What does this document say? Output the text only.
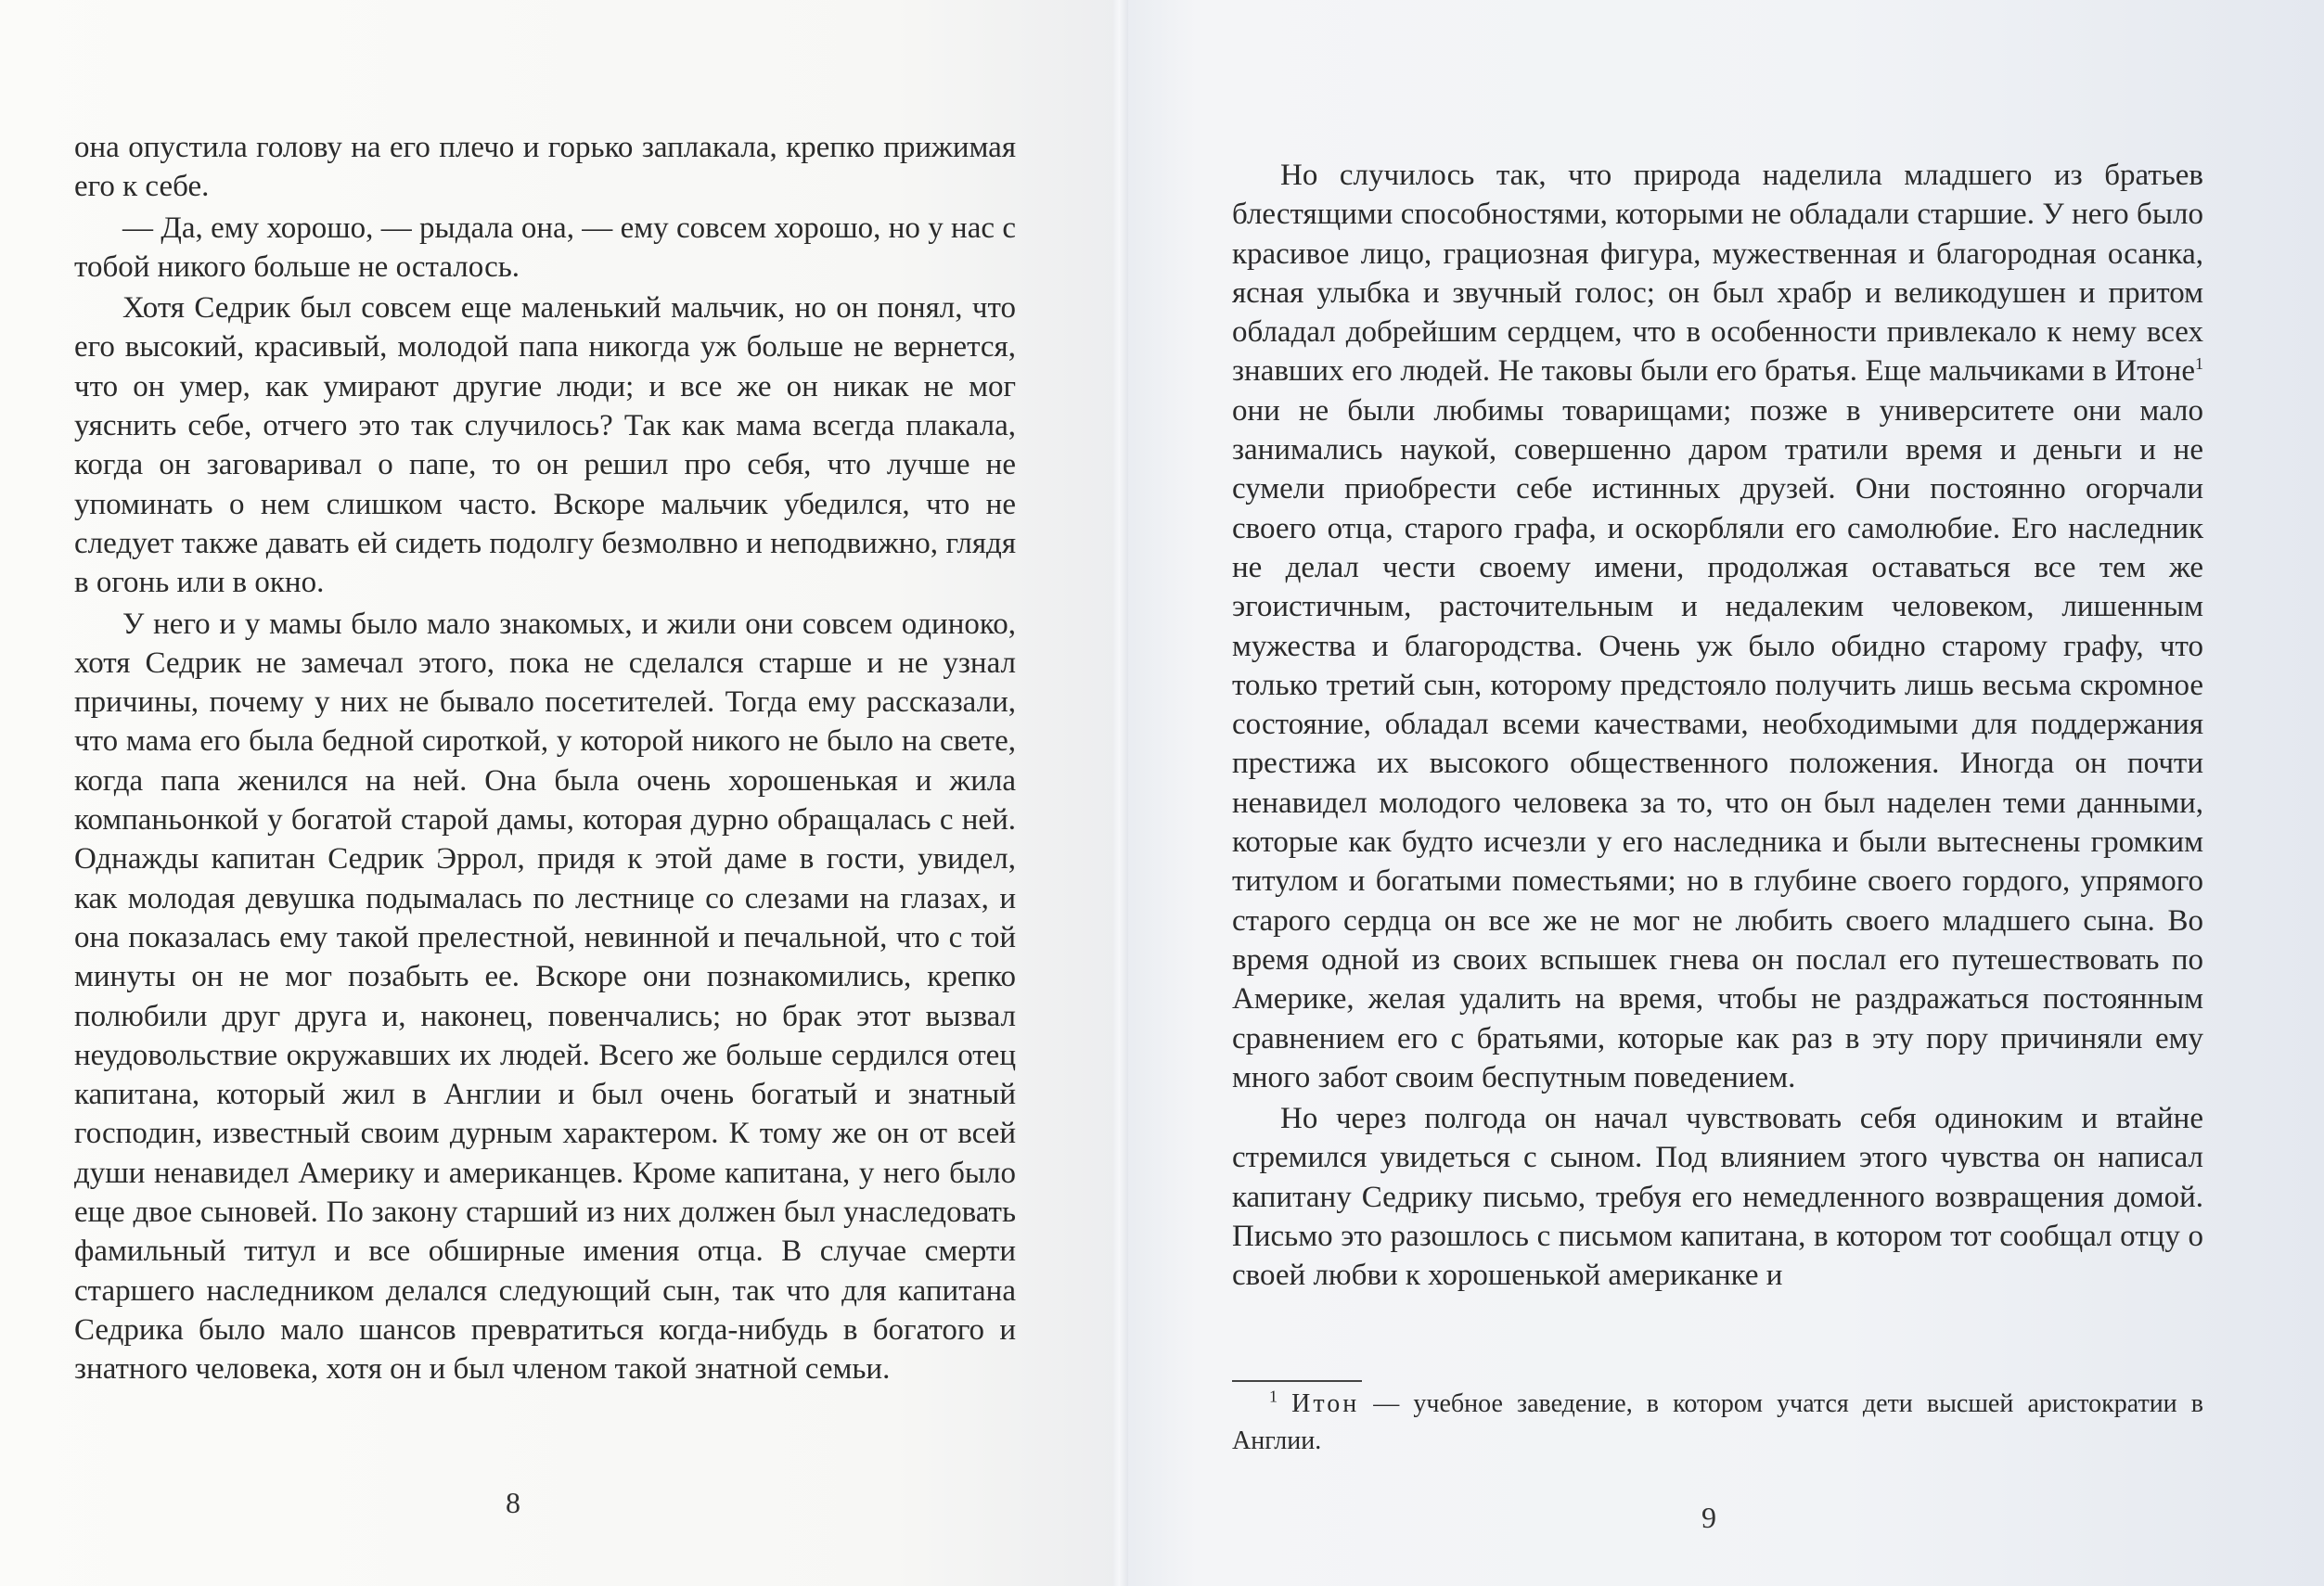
она опустила голову на его плечо и горько заплакала, крепко прижимая его к себе.

— Да, ему хорошо, — рыдала она, — ему совсем хорошо, но у нас с тобой никого больше не осталось.

Хотя Седрик был совсем еще маленький мальчик, но он понял, что его высокий, красивый, молодой папа никогда уж больше не вернется, что он умер, как умирают другие люди; и все же он никак не мог уяснить себе, отчего это так случилось? Так как мама всегда плакала, когда он заговаривал о папе, то он решил про себя, что лучше не упоминать о нем слишком часто. Вскоре мальчик убедился, что не следует также давать ей сидеть подолгу безмолвно и неподвижно, глядя в огонь или в окно.

У него и у мамы было мало знакомых, и жили они совсем одиноко, хотя Седрик не замечал этого, пока не сделался старше и не узнал причины, почему у них не бывало посетителей. Тогда ему рассказали, что мама его была бедной сироткой, у которой никого не было на свете, когда папа женился на ней. Она была очень хорошенькая и жила компаньонкой у богатой старой дамы, которая дурно обращалась с ней. Однажды капитан Седрик Эррол, придя к этой даме в гости, увидел, как молодая девушка подымалась по лестнице со слезами на глазах, и она показалась ему такой прелестной, невинной и печальной, что с той минуты он не мог позабыть ее. Вскоре они познакомились, крепко полюбили друг друга и, наконец, повенчались; но брак этот вызвал неудовольствие окружавших их людей. Всего же больше сердился отец капитана, который жил в Англии и был очень богатый и знатный господин, известный своим дурным характером. К тому же он от всей души ненавидел Америку и американцев. Кроме капитана, у него было еще двое сыновей. По закону старший из них должен был унаследовать фамильный титул и все обширные имения отца. В случае смерти старшего наследником делался следующий сын, так что для капитана Седрика было мало шансов превратиться когда-нибудь в богатого и знатного человека, хотя он и был членом такой знатной семьи.

8

Но случилось так, что природа наделила младшего из братьев блестящими способностями, которыми не обладали старшие. У него было красивое лицо, грациозная фигура, мужественная и благородная осанка, ясная улыбка и звучный голос; он был храбр и великодушен и притом обладал добрейшим сердцем, что в особенности привлекало к нему всех знавших его людей. Не таковы были его братья. Еще мальчиками в Итоне$^1$ они не были любимы товарищами; позже в университете они мало занимались наукой, совершенно даром тратили время и деньги и не сумели приобрести себе истинных друзей. Они постоянно огорчали своего отца, старого графа, и оскорбляли его самолюбие. Его наследник не делал чести своему имени, продолжая оставаться все тем же эгоистичным, расточительным и недалеким человеком, лишенным мужества и благородства. Очень уж было обидно старому графу, что только третий сын, которому предстояло получить лишь весьма скромное состояние, обладал всеми качествами, необходимыми для поддержания престижа их высокого общественного положения. Иногда он почти ненавидел молодого человека за то, что он был наделен теми данными, которые как будто исчезли у его наследника и были вытеснены громким титулом и богатыми поместьями; но в глубине своего гордого, упрямого старого сердца он все же не мог не любить своего младшего сына. Во время одной из своих вспышек гнева он послал его путешествовать по Америке, желая удалить на время, чтобы не раздражаться постоянным сравнением его с братьями, которые как раз в эту пору причиняли ему много забот своим беспутным поведением.

Но через полгода он начал чувствовать себя одиноким и втайне стремился увидеться с сыном. Под влиянием этого чувства он написал капитану Седрику письмо, требуя его немедленного возвращения домой. Письмо это разошлось с письмом капитана, в котором тот сообщал отцу о своей любви к хорошенькой американке и

$^1$ Итон — учебное заведение, в котором учатся дети высшей аристократии в Англии.
9
